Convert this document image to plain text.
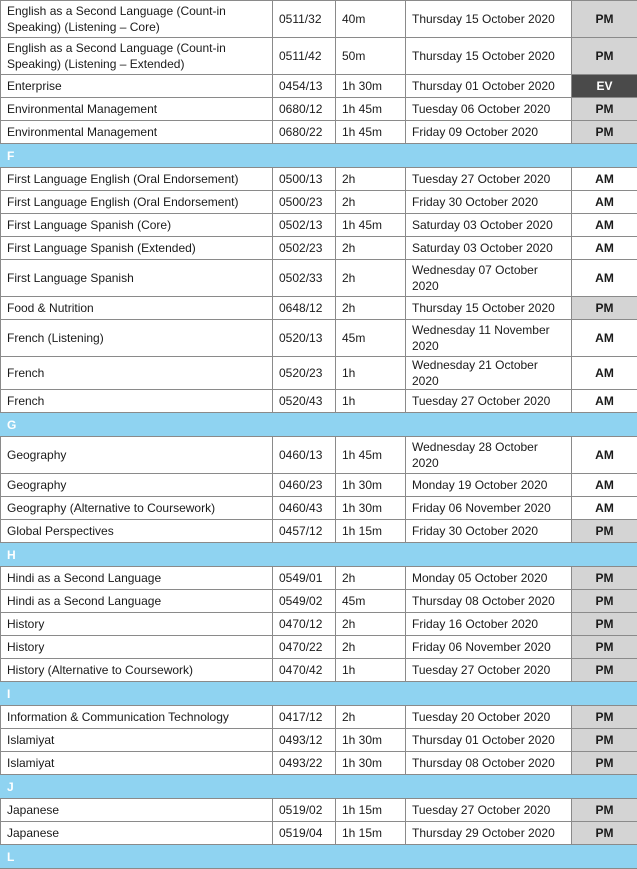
English as a Second Language (Count-in Speaking) (Listening – Core)	0511/32	40m	Thursday 15 October 2020	PM
English as a Second Language (Count-in Speaking) (Listening – Extended)	0511/42	50m	Thursday 15 October 2020	PM
Enterprise	0454/13	1h 30m	Thursday 01 October 2020	EV
Environmental Management	0680/12	1h 45m	Tuesday 06 October 2020	PM
Environmental Management	0680/22	1h 45m	Friday 09 October 2020	PM
F				
First Language English (Oral Endorsement)	0500/13	2h	Tuesday 27 October 2020	AM
First Language English (Oral Endorsement)	0500/23	2h	Friday 30 October 2020	AM
First Language Spanish (Core)	0502/13	1h 45m	Saturday 03 October 2020	AM
First Language Spanish (Extended)	0502/23	2h	Saturday 03 October 2020	AM
First Language Spanish	0502/33	2h	Wednesday 07 October 2020	AM
Food & Nutrition	0648/12	2h	Thursday 15 October 2020	PM
French (Listening)	0520/13	45m	Wednesday 11 November 2020	AM
French	0520/23	1h	Wednesday 21 October 2020	AM
French	0520/43	1h	Tuesday 27 October 2020	AM
G				
Geography	0460/13	1h 45m	Wednesday 28 October 2020	AM
Geography	0460/23	1h 30m	Monday 19 October 2020	AM
Geography (Alternative to Coursework)	0460/43	1h 30m	Friday 06 November 2020	AM
Global Perspectives	0457/12	1h 15m	Friday 30 October 2020	PM
H				
Hindi as a Second Language	0549/01	2h	Monday 05 October 2020	PM
Hindi as a Second Language	0549/02	45m	Thursday 08 October 2020	PM
History	0470/12	2h	Friday 16 October 2020	PM
History	0470/22	2h	Friday 06 November 2020	PM
History (Alternative to Coursework)	0470/42	1h	Tuesday 27 October 2020	PM
I				
Information & Communication Technology	0417/12	2h	Tuesday 20 October 2020	PM
Islamiyat	0493/12	1h 30m	Thursday 01 October 2020	PM
Islamiyat	0493/22	1h 30m	Thursday 08 October 2020	PM
J				
Japanese	0519/02	1h 15m	Tuesday 27 October 2020	PM
Japanese	0519/04	1h 15m	Thursday 29 October 2020	PM
L				
